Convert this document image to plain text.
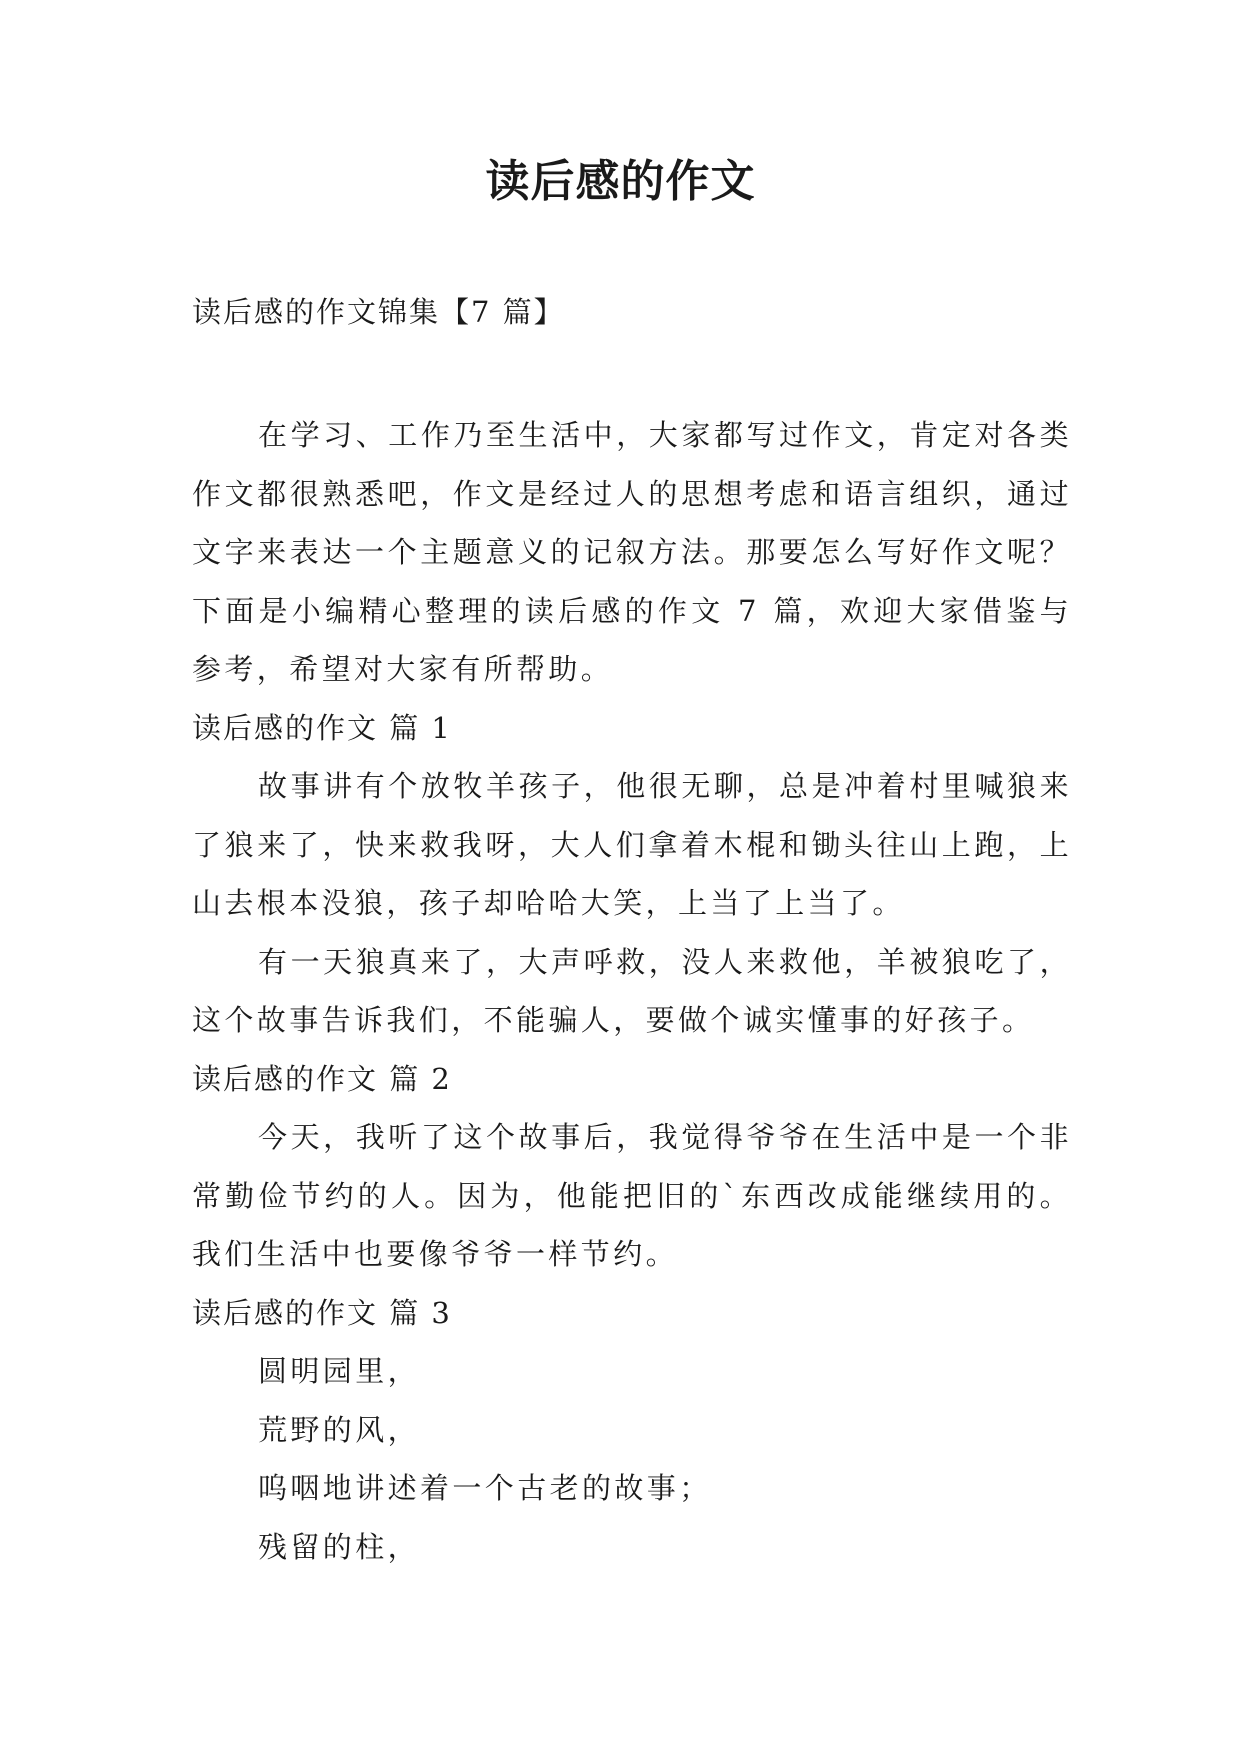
读后感的作文
读后感的作文锦集【7 篇】

在学习、工作乃至生活中，大家都写过作文，肯定对各类作文都很熟悉吧，作文是经过人的思想考虑和语言组织，通过文字来表达一个主题意义的记叙方法。那要怎么写好作文呢？下面是小编精心整理的读后感的作文 7 篇，欢迎大家借鉴与参考，希望对大家有所帮助。

读后感的作文 篇 1

故事讲有个放牧羊孩子，他很无聊，总是冲着村里喊狼来了狼来了，快来救我呀，大人们拿着木棍和锄头往山上跑，上山去根本没狼，孩子却哈哈大笑，上当了上当了。

有一天狼真来了，大声呼救，没人来救他，羊被狼吃了，这个故事告诉我们，不能骗人，要做个诚实懂事的好孩子。

读后感的作文 篇 2

今天，我听了这个故事后，我觉得爷爷在生活中是一个非常勤俭节约的人。因为，他能把旧的`东西改成能继续用的。我们生活中也要像爷爷一样节约。

读后感的作文 篇 3

圆明园里，

荒野的风，

呜咽地讲述着一个古老的故事；

残留的柱，
